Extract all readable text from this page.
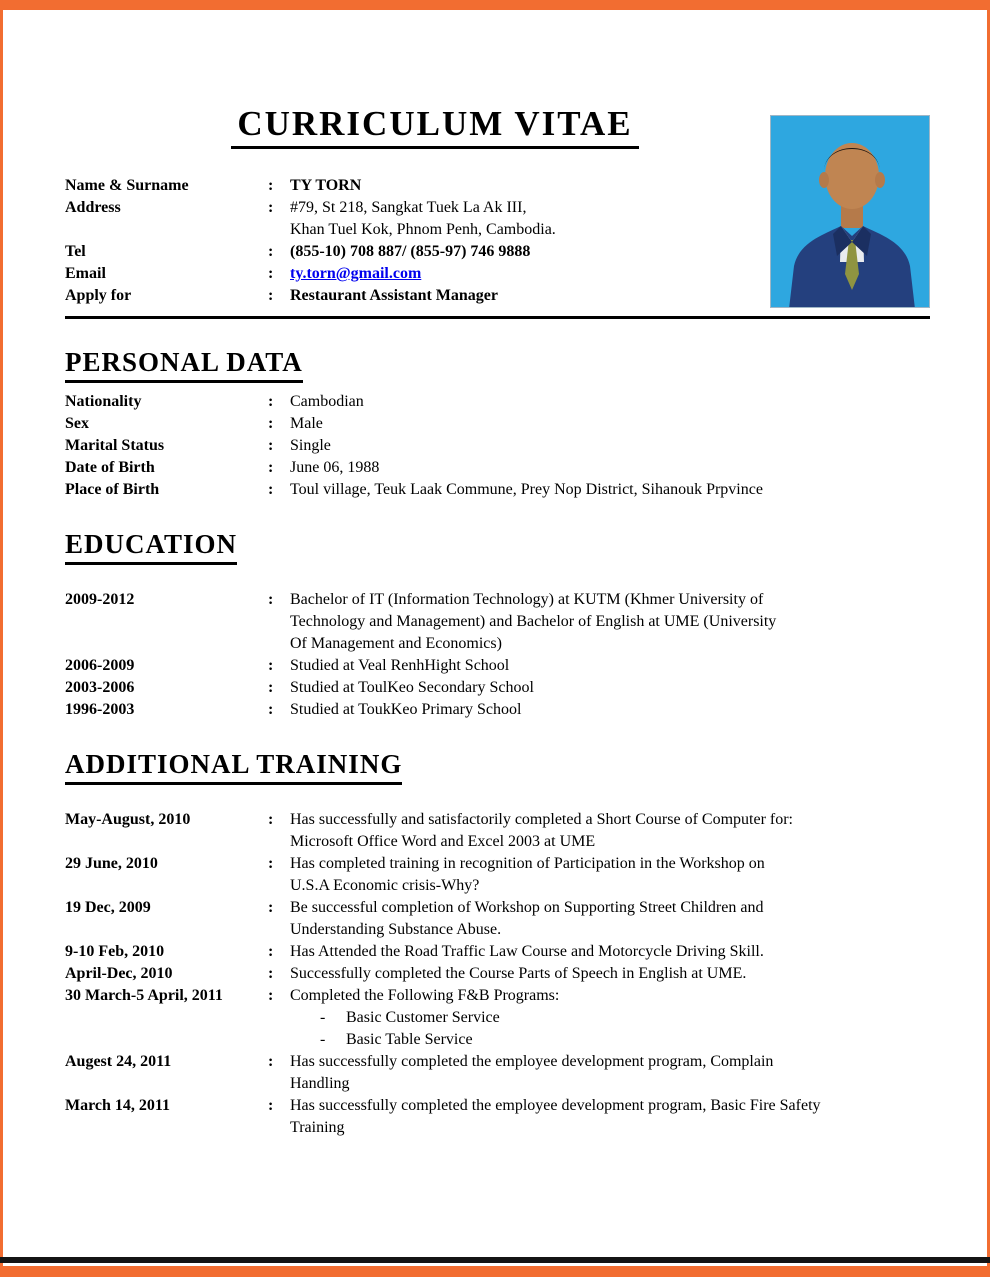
CURRICULUM VITAE
Name & Surname	:	TY TORN
Address	:	#79, St 218, Sangkat Tuek La Ak III,
Khan Tuel Kok, Phnom Penh, Cambodia.
Tel	:	(855-10) 708 887/ (855-97) 746 9888
Email	:	ty.torn@gmail.com
Apply for	:	Restaurant Assistant Manager
PERSONAL DATA
Nationality	:	Cambodian
Sex	:	Male
Marital Status	:	Single
Date of Birth	:	June 06, 1988
Place of Birth	:	Toul village, Teuk Laak Commune, Prey Nop District, Sihanouk Prpvince
EDUCATION
2009-2012	:	Bachelor of IT (Information Technology) at KUTM (Khmer University of
Technology and Management) and Bachelor of English at UME (University
Of Management and Economics)
2006-2009	:	Studied at Veal RenhHight School
2003-2006	:	Studied at ToulKeo Secondary School
1996-2003	:	Studied at ToukKeo Primary School
ADDITIONAL TRAINING
May-August, 2010	:	Has successfully and satisfactorily completed a Short Course of Computer for:
Microsoft Office Word and Excel 2003 at UME
29 June, 2010	:	Has completed training in recognition of Participation in the Workshop on
U.S.A Economic crisis-Why?
19 Dec, 2009	:	Be successful completion of Workshop on Supporting Street Children and
Understanding Substance Abuse.
9-10 Feb, 2010	:	Has Attended the Road Traffic Law Course and Motorcycle Driving Skill.
April-Dec, 2010	:	Successfully completed the Course Parts of Speech in English at UME.
30 March-5 April, 2011	:	Completed the Following F&B Programs:
- Basic Customer Service
- Basic Table Service
Augest 24, 2011	:	Has successfully completed the employee development program, Complain
Handling
March 14, 2011	:	Has successfully completed the employee development program, Basic Fire Safety
Training
